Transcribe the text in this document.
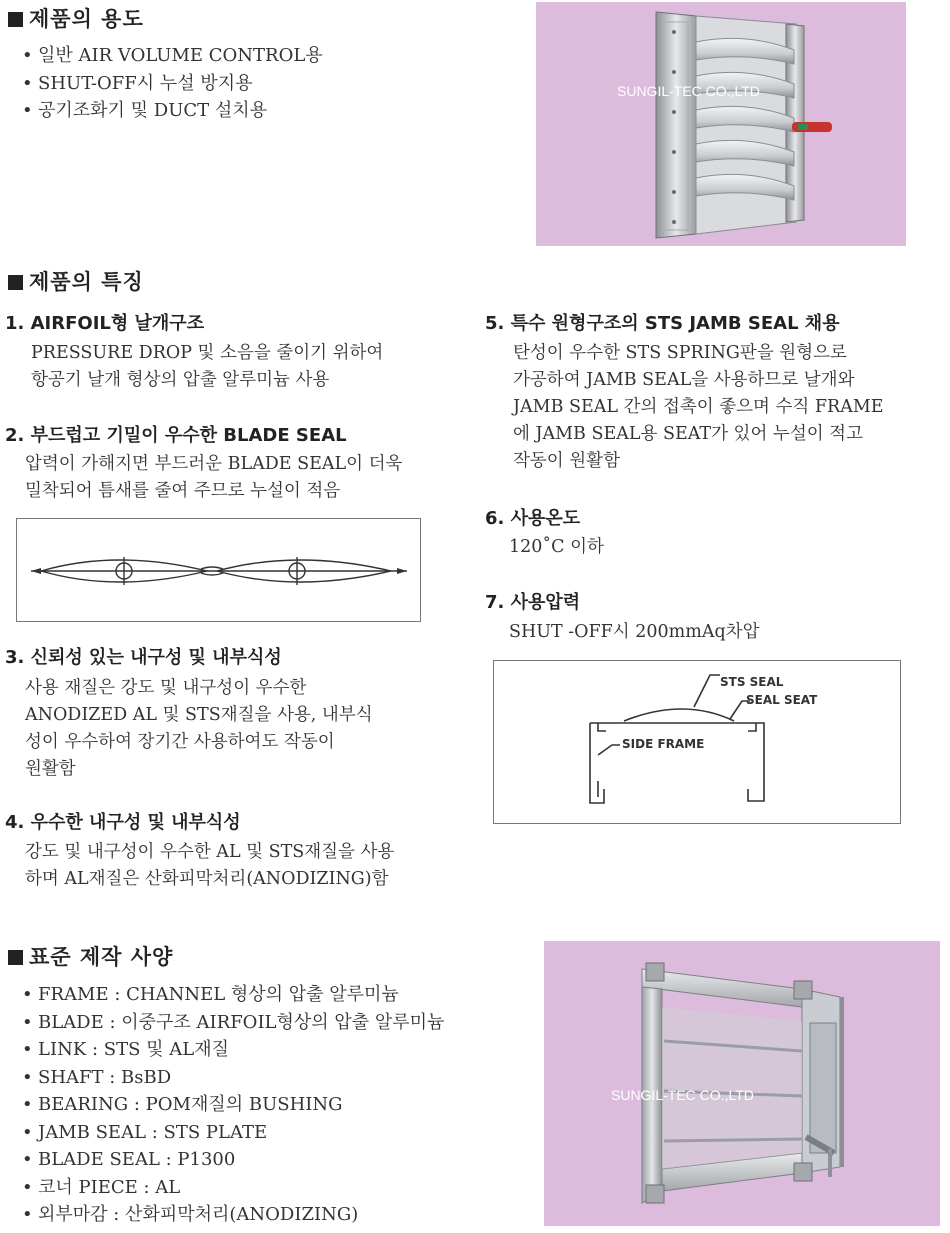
제품의 용도
• 일반 AIR VOLUME CONTROL용
• SHUT-OFF시 누설 방지용
• 공기조화기 및 DUCT 설치용
SUNGIL-TEC CO.,LTD
제품의 특징
1. AIRFOIL형 날개구조
PRESSURE DROP 및 소음을 줄이기 위하여
항공기 날개 형상의 압출 알루미늄 사용
2. 부드럽고 기밀이 우수한 BLADE SEAL
압력이 가해지면 부드러운 BLADE SEAL이 더욱
밀착되어 틈새를 줄여 주므로 누설이 적음
3. 신뢰성 있는 내구성 및 내부식성
사용 재질은 강도 및 내구성이 우수한
ANODIZED AL 및 STS재질을 사용, 내부식
성이 우수하여 장기간 사용하여도 작동이
원활함
4. 우수한 내구성 및 내부식성
강도 및 내구성이 우수한 AL 및 STS재질을 사용
하며 AL재질은 산화피막처리(ANODIZING)함
5. 특수 원형구조의 STS JAMB SEAL 채용
탄성이 우수한 STS SPRING판을 원형으로
가공하여 JAMB SEAL을 사용하므로 날개와
JAMB SEAL 간의 접촉이 좋으며 수직 FRAME
에 JAMB SEAL용 SEAT가 있어 누설이 적고
작동이 원활함
6. 사용온도
120˚C 이하
7. 사용압력
SHUT -OFF시 200mmAq차압
STS SEAL
SEAL SEAT
SIDE FRAME
표준 제작 사양
• FRAME : CHANNEL 형상의 압출 알루미늄
• BLADE : 이중구조 AIRFOIL형상의 압출 알루미늄
• LINK : STS 및 AL재질
• SHAFT : BsBD
• BEARING : POM재질의 BUSHING
• JAMB SEAL : STS PLATE
• BLADE SEAL : P1300
• 코너 PIECE : AL
• 외부마감 : 산화피막처리(ANODIZING)
SUNGIL-TEC CO.,LTD
